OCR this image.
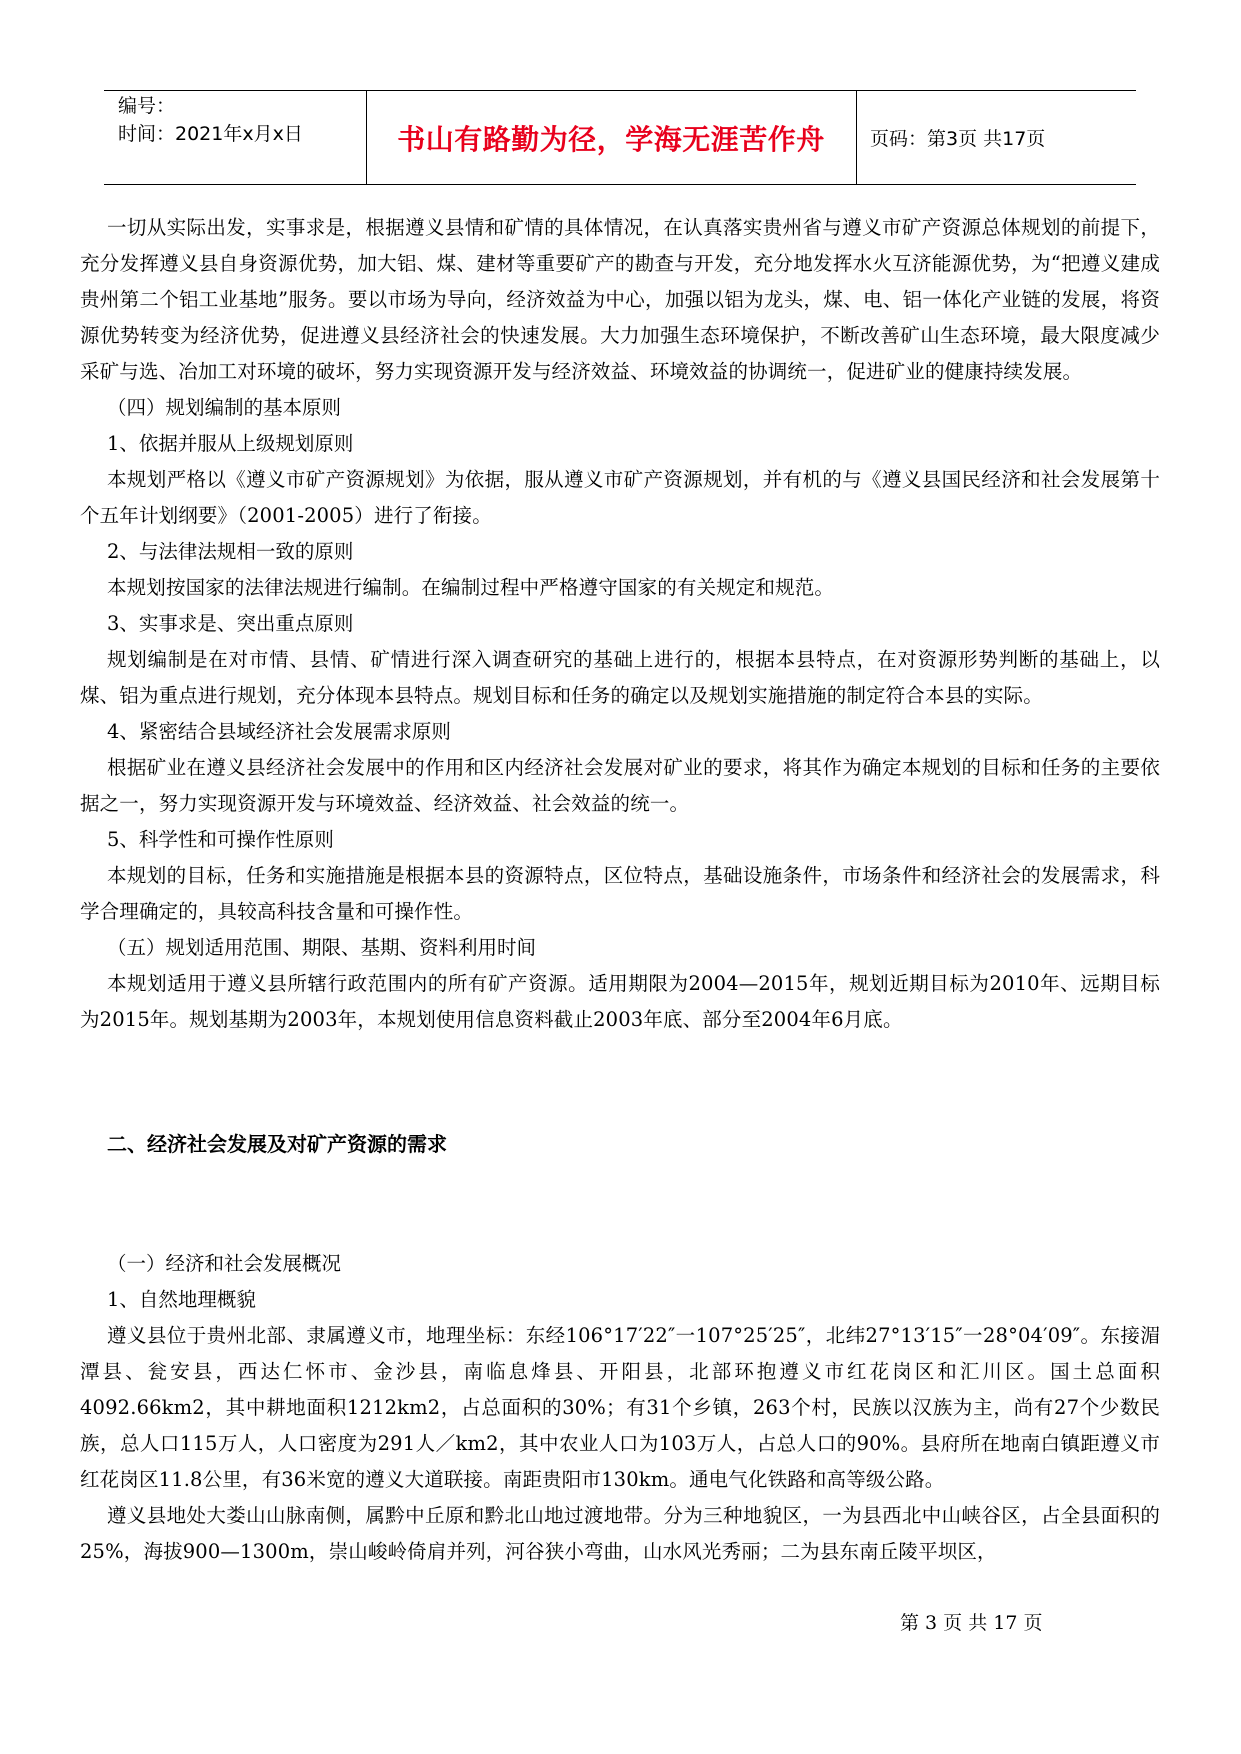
编号：
时间：2021年x月x日	书山有路勤为径，学海无涯苦作舟 页码：第3页 共17页

一切从实际出发，实事求是，根据遵义县情和矿情的具体情况，在认真落实贵州省与遵义市矿产资源总体规划的前提下，充分发挥遵义县自身资源优势，加大铝、煤、建材等重要矿产的勘查与开发，充分地发挥水火互济能源优势，为“把遵义建成贵州第二个铝工业基地”服务。要以市场为导向，经济效益为中心，加强以铝为龙头，煤、电、铝一体化产业链的发展，将资源优势转变为经济优势，促进遵义县经济社会的快速发展。大力加强生态环境保护，不断改善矿山生态环境，最大限度减少采矿与选、冶加工对环境的破坏，努力实现资源开发与经济效益、环境效益的协调统一，促进矿业的健康持续发展。

（四）规划编制的基本原则

1、依据并服从上级规划原则

本规划严格以《遵义市矿产资源规划》为依据，服从遵义市矿产资源规划，并有机的与《遵义县国民经济和社会发展第十个五年计划纲要》（2001-2005）进行了衔接。

2、与法律法规相一致的原则

本规划按国家的法律法规进行编制。在编制过程中严格遵守国家的有关规定和规范。

3、实事求是、突出重点原则

规划编制是在对市情、县情、矿情进行深入调查研究的基础上进行的，根据本县特点，在对资源形势判断的基础上，以煤、铝为重点进行规划，充分体现本县特点。规划目标和任务的确定以及规划实施措施的制定符合本县的实际。

4、紧密结合县域经济社会发展需求原则

根据矿业在遵义县经济社会发展中的作用和区内经济社会发展对矿业的要求，将其作为确定本规划的目标和任务的主要依据之一，努力实现资源开发与环境效益、经济效益、社会效益的统一。

5、科学性和可操作性原则

本规划的目标，任务和实施措施是根据本县的资源特点，区位特点，基础设施条件，市场条件和经济社会的发展需求，科学合理确定的，具较高科技含量和可操作性。

（五）规划适用范围、期限、基期、资料利用时间

本规划适用于遵义县所辖行政范围内的所有矿产资源。适用期限为2004—2015年，规划近期目标为2010年、远期目标为2015年。规划基期为2003年，本规划使用信息资料截止2003年底、部分至2004年6月底。

二、经济社会发展及对矿产资源的需求

（一）经济和社会发展概况

1、自然地理概貌

遵义县位于贵州北部、隶属遵义市，地理坐标：东经106°17′22″一107°25′25″，北纬27°13′15″一28°04′09″。东接湄潭县、瓮安县，西达仁怀市、金沙县，南临息烽县、开阳县，北部环抱遵义市红花岗区和汇川区。国土总面积4092.66km2，其中耕地面积1212km2，占总面积的30%；有31个乡镇，263个村，民族以汉族为主，尚有27个少数民族，总人口115万人，人口密度为291人／km2，其中农业人口为103万人，占总人口的90%。县府所在地南白镇距遵义市红花岗区11.8公里，有36米宽的遵义大道联接。南距贵阳市130km。通电气化铁路和高等级公路。

遵义县地处大娄山山脉南侧，属黔中丘原和黔北山地过渡地带。分为三种地貌区，一为县西北中山峡谷区，占全县面积的25%，海拔900—1300m，崇山峻岭倚肩并列，河谷狭小弯曲，山水风光秀丽；二为县东南丘陵平坝区，

第 3 页 共 17 页
